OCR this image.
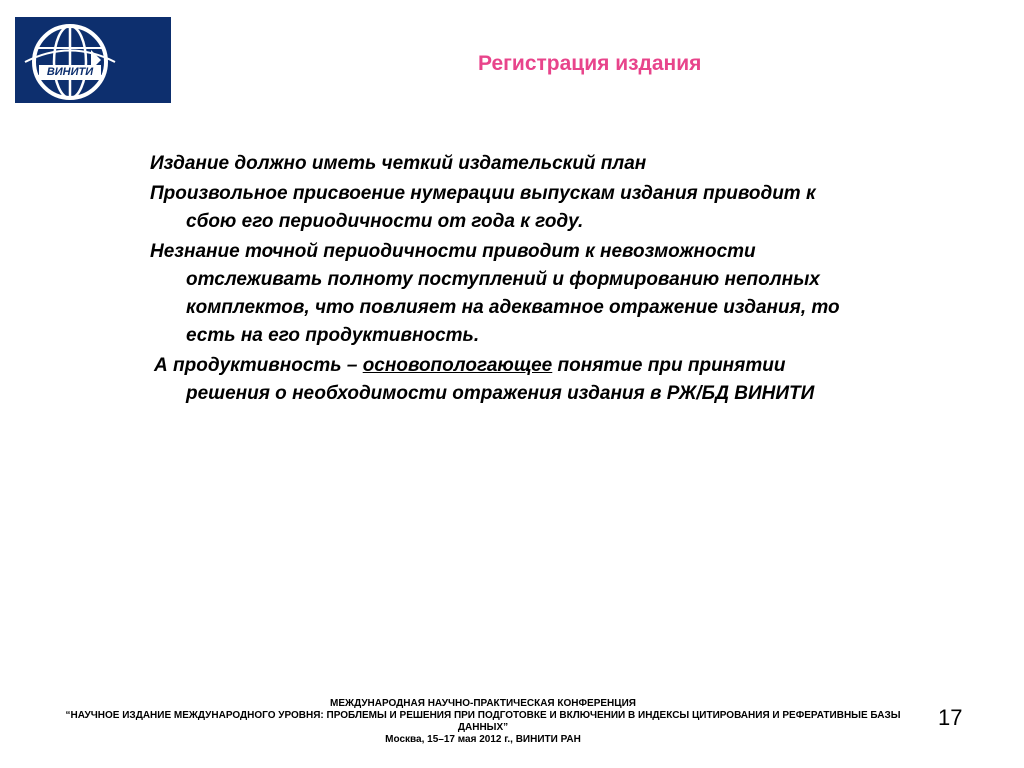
ВИНИТИ	Регистрация издания

Издание должно иметь четкий издательский план

Произвольное присвоение нумерации выпускам издания приводит к сбою его периодичности от года к году.

Незнание точной периодичности приводит к невозможности отслеживать полноту поступлений и формированию неполных комплектов, что повлияет на адекватное отражение издания, то есть на его продуктивность.

А продуктивность – основопологающее понятие при принятии решения о необходимости отражения издания в РЖ/БД ВИНИТИ

МЕЖДУНАРОДНАЯ НАУЧНО-ПРАКТИЧЕСКАЯ КОНФЕРЕНЦИЯ
“НАУЧНОЕ ИЗДАНИЕ МЕЖДУНАРОДНОГО УРОВНЯ: ПРОБЛЕМЫ И РЕШЕНИЯ ПРИ ПОДГОТОВКЕ И ВКЛЮЧЕНИИ В ИНДЕКСЫ ЦИТИРОВАНИЯ И РЕФЕРАТИВНЫЕ БАЗЫ ДАННЫХ”
Москва, 15–17 мая 2012 г., ВИНИТИ РАН
17
